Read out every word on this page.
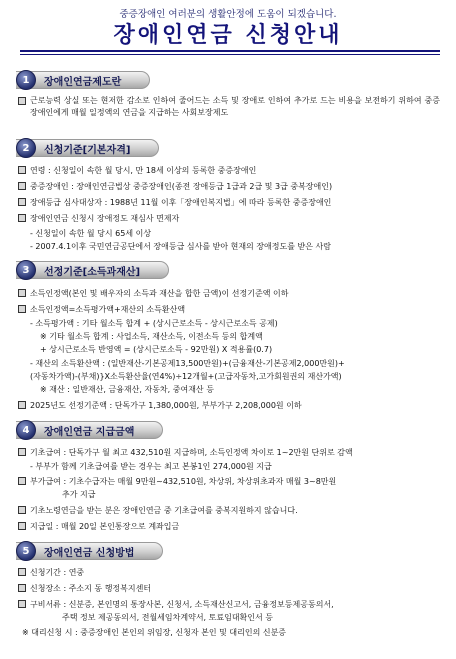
중증장애인 여러분의 생활안정에 도움이 되겠습니다.
장애인연금 신청안내
1	장애인연금제도란
근로능력 상실 또는 현저한 감소로 인하여 줄어드는 소득 및 장애로 인하여 추가로 드는 비용을 보전하기 위하여 중증장애인에게 매월 일정액의 연금을 지급하는 사회보장제도
2	신청기준[기본자격]
연령 : 신청일이 속한 월 당시, 만 18세 이상의 등록한 중증장애인
중증장애인 : 장애인연금법상 중증장애인(종전 장애등급 1급과 2급 및 3급 중복장애인)
장애등급 심사대상자 : 1988년 11월 이후「장애인복지법」에 따라 등록한 중증장애인
장애인연금 신청시 장애정도 재심사 면제자
- 신청일이 속한 월 당시 65세 이상
- 2007.4.1이후 국민연금공단에서 장애등급 심사를 받아 현재의 장애정도를 받은 사람
3	선정기준[소득과재산]
소득인정액(본인 및 배우자의 소득과 재산을 합한 금액)이 선정기준액 이하
소득인정액=소득평가액+재산의 소득환산액
- 소득평가액 : 기타 월소득 합계 + (상시근로소득 - 상시근로소득 공제)
※ 기타 월소득 합계 : 사업소득, 재산소득, 이전소득 등의 합계액
+ 상시근로소득 반영액 = (상시근로소득 - 92만원) X 적용률(0.7)
- 재산의 소득환산액 : (일반재산-기본공제13,500만원)+(금융재산-기본공제2,000만원)+
(자동차가액)-(부채)}X소득환산율(연4%)÷12개월+(고급자동차,고가회원권의 재산가액)
※ 재산 : 일반재산, 금융재산, 자동차, 중여재산 등
2025년도 선정기준액 : 단독가구 1,380,000원, 부부가구 2,208,000원 이하
4	장애인연금 지급금액
기초급여 : 단독가구 월 최고 432,510원 지급하며, 소득인정액 차이로 1~2만원 단위로 감액
- 부부가 함께 기초급여를 받는 경우는 최고 본봉1인 274,000원 지급
부가급여 : 기초수급자는 매월 9만원~432,510원, 차상위, 차상위초과자 매월 3~8만원
추가 지급
기초노령연금을 받는 분은 장애인연금 중 기초급여를 중복지원하지 않습니다.
지급일 : 매월 20일 본인통장으로 계좌입금
5	장애인연금 신청방법
신청기간 : 연중
신청장소 : 주소지 동 행정복지센터
구비서류 : 신분증, 본인명의 통장사본, 신청서, 소득재산신고서, 금융정보등제공동의서,
주택 정보 제공동의서, 전월세임차계약서, 토료임대확인서 등
※ 대리신청 시 : 중증장애인 본인의 위임장, 신청자 본인 및 대리인의 신분증
